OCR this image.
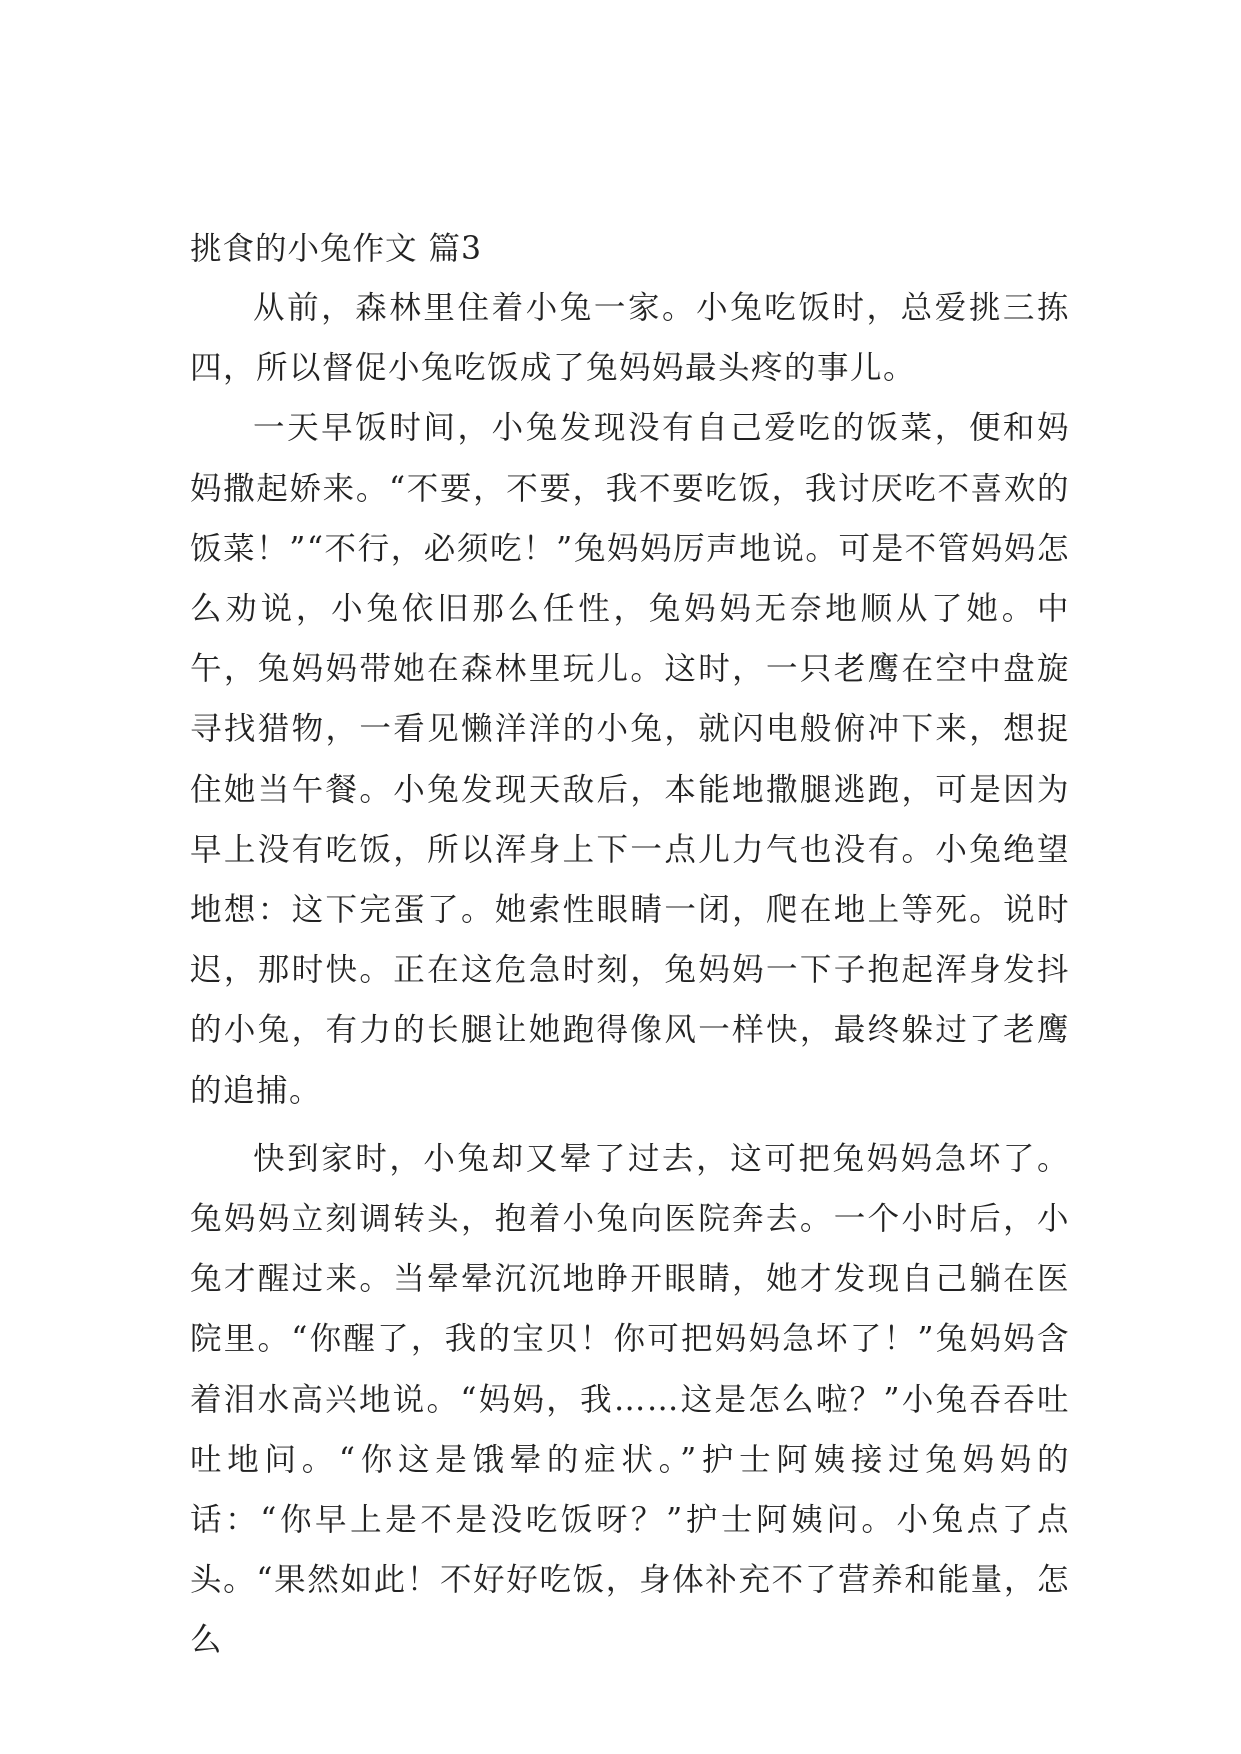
挑食的小兔作文 篇3

从前，森林里住着小兔一家。小兔吃饭时，总爱挑三拣四，所以督促小兔吃饭成了兔妈妈最头疼的事儿。

一天早饭时间，小兔发现没有自己爱吃的饭菜，便和妈妈撒起娇来。“不要，不要，我不要吃饭，我讨厌吃不喜欢的饭菜！”“不行，必须吃！”兔妈妈厉声地说。可是不管妈妈怎么劝说，小兔依旧那么任性，兔妈妈无奈地顺从了她。中午，兔妈妈带她在森林里玩儿。这时，一只老鹰在空中盘旋寻找猎物，一看见懒洋洋的小兔，就闪电般俯冲下来，想捉住她当午餐。小兔发现天敌后，本能地撒腿逃跑，可是因为早上没有吃饭，所以浑身上下一点儿力气也没有。小兔绝望地想：这下完蛋了。她索性眼睛一闭，爬在地上等死。说时迟，那时快。正在这危急时刻，兔妈妈一下子抱起浑身发抖的小兔，有力的长腿让她跑得像风一样快，最终躲过了老鹰的追捕。

快到家时，小兔却又晕了过去，这可把兔妈妈急坏了。兔妈妈立刻调转头，抱着小兔向医院奔去。一个小时后，小兔才醒过来。当晕晕沉沉地睁开眼睛，她才发现自己躺在医院里。“你醒了，我的宝贝！你可把妈妈急坏了！”兔妈妈含着泪水高兴地说。“妈妈，我……这是怎么啦？”小兔吞吞吐吐地问。“你这是饿晕的症状。”护士阿姨接过兔妈妈的话：“你早上是不是没吃饭呀？”护士阿姨问。小兔点了点头。“果然如此！不好好吃饭，身体补充不了营养和能量，怎么
